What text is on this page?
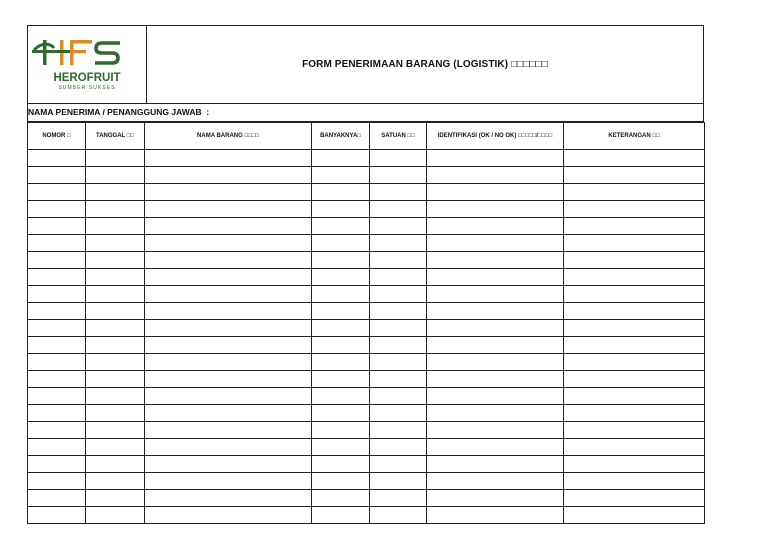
HEROFRUIT
SUMBER SUKSES
FORM PENERIMAAN BARANG (LOGISTIK) □□□□□□
NAMA PENERIMA / PENANGGUNG JAWAB  :
NOMOR □	TANGGAL □□	NAMA BARANG □□□□	BANYAKNYA□	SATUAN □□	IDENTIFIKASI (OK / NO OK) □□□□□/□□□□	KETERANGAN □□
